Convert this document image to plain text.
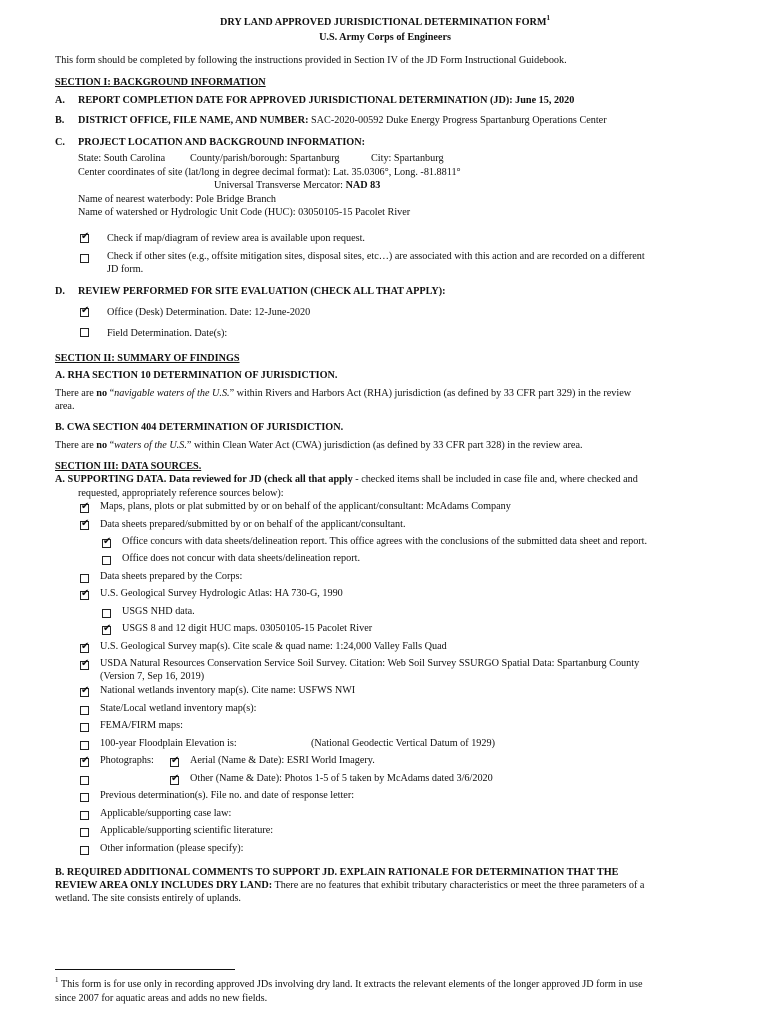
DRY LAND APPROVED JURISDICTIONAL DETERMINATION FORM$^1$
U.S. Army Corps of Engineers
This form should be completed by following the instructions provided in Section IV of the JD Form Instructional Guidebook.
SECTION I: BACKGROUND INFORMATION
A. REPORT COMPLETION DATE FOR APPROVED JURISDICTIONAL DETERMINATION (JD): June 15, 2020
B. DISTRICT OFFICE, FILE NAME, AND NUMBER: SAC-2020-00592 Duke Energy Progress Spartanburg Operations Center
C. PROJECT LOCATION AND BACKGROUND INFORMATION:
State: South Carolina County/parish/borough: Spartanburg	City: Spartanburg
Center coordinates of site (lat/long in degree decimal format): Lat. 35.0306°, Long. -81.8811°
Universal Transverse Mercator: NAD 83
Name of nearest waterbody: Pole Bridge Branch
Name of watershed or Hydrologic Unit Code (HUC): 03050105-15 Pacolet River
✔
Check if map/diagram of review area is available upon request.
Check if other sites (e.g., offsite mitigation sites, disposal sites, etc…) are associated with this action and are recorded on a different
JD form.
D. REVIEW PERFORMED FOR SITE EVALUATION (CHECK ALL THAT APPLY):
✔
Office (Desk) Determination. Date: 12-June-2020
Field Determination. Date(s):
SECTION II: SUMMARY OF FINDINGS
A. RHA SECTION 10 DETERMINATION OF JURISDICTION.
There are no “navigable waters of the U.S.” within Rivers and Harbors Act (RHA) jurisdiction (as defined by 33 CFR part 329) in the review
area.
B. CWA SECTION 404 DETERMINATION OF JURISDICTION.
There are no “waters of the U.S.” within Clean Water Act (CWA) jurisdiction (as defined by 33 CFR part 328) in the review area.
SECTION III: DATA SOURCES.
A. SUPPORTING DATA. Data reviewed for JD (check all that apply - checked items shall be included in case file and, where checked and
requested, appropriately reference sources below):
✔
Maps, plans, plots or plat submitted by or on behalf of the applicant/consultant: McAdams Company
✔
Data sheets prepared/submitted by or on behalf of the applicant/consultant.
✔
Office concurs with data sheets/delineation report. This office agrees with the conclusions of the submitted data sheet and report.
Office does not concur with data sheets/delineation report.
Data sheets prepared by the Corps:
✔
U.S. Geological Survey Hydrologic Atlas: HA 730-G, 1990
USGS NHD data.
✔
USGS 8 and 12 digit HUC maps. 03050105-15 Pacolet River
✔
U.S. Geological Survey map(s). Cite scale & quad name: 1:24,000 Valley Falls Quad
✔
USDA Natural Resources Conservation Service Soil Survey. Citation: Web Soil Survey SSURGO Spatial Data: Spartanburg County
(Version 7, Sep 16, 2019)
✔
National wetlands inventory map(s). Cite name: USFWS NWI
State/Local wetland inventory map(s):
FEMA/FIRM maps:
100-year Floodplain Elevation is:	(National Geodectic Vertical Datum of 1929)
✔
Photographs:
✔	Aerial (Name & Date): ESRI World Imagery.
✔
Other (Name & Date): Photos 1-5 of 5 taken by McAdams dated 3/6/2020
Previous determination(s). File no. and date of response letter:
Applicable/supporting case law:
Applicable/supporting scientific literature:
Other information (please specify):
B. REQUIRED ADDITIONAL COMMENTS TO SUPPORT JD. EXPLAIN RATIONALE FOR DETERMINATION THAT THE
REVIEW AREA ONLY INCLUDES DRY LAND: There are no features that exhibit tributary characteristics or meet the three parameters of a
wetland. The site consists entirely of uplands.
$^1$ This form is for use only in recording approved JDs involving dry land. It extracts the relevant elements of the longer approved JD form in use
since 2007 for aquatic areas and adds no new fields.
